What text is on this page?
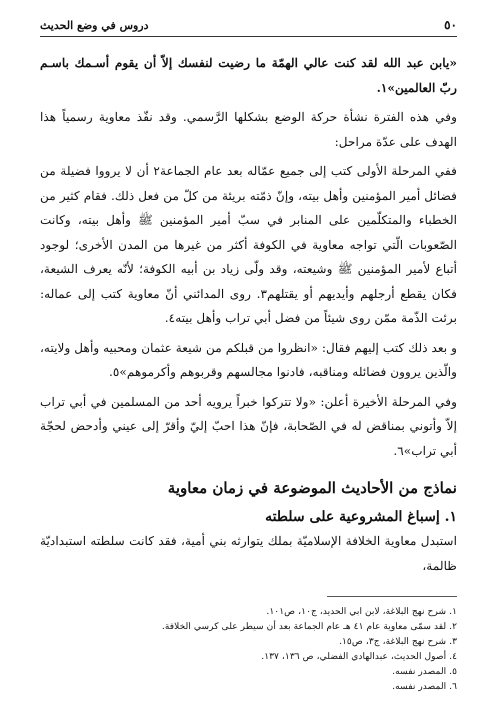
٥٠
دروس في وضع الحديث

«يابن عبد الله لقد كنت عالي الهمّة ما رضيت لنفسك إلاّ أن يقوم أسـمك باسـم ربّ العالمين»١.

وفي هذه الفترة نشأة حركة الوضع بشكلها الرَّسمي. وقد نفّذ معاوية رسمياً هذا الهدف على عدّة مراحل:

ففي المرحلة الأولى كتب إلى جميع عمّاله بعد عام الجماعة٢ أن لا يرووا فضيلة من فضائل أمير المؤمنين وأهل بيته، وإنّ ذمّته بريئة من كلّ من فعل ذلك. فقام كثير من الخطباء والمتكلّمين على المنابر في سبّ أمير المؤمنين ﷺ وأهل بيته، وكانت الصّعوبات الّتي تواجه معاوية في الكوفة أكثر من غيرها من المدن الأخرى؛ لوجود أتباع لأمير المؤمنين ﷺ وشيعته، وقد ولّى زياد بن أبيه الكوفة؛ لأنّه يعرف الشيعة، فكان يقطع أرجلهم وأيديهم أو يقتلهم٣. روى المدائني أنّ معاوية كتب إلى عماله: برئت الذّمة ممّن روى شيئاً من فضل أبي تراب وأهل بيته٤.

و بعد ذلك كتب إليهم فقال: «انظروا من قبلكم من شيعة عثمان ومحبيه وأهل ولايته، والّذين يروون فضائله ومناقبه، فادنوا مجالسهم وقربوهم وأكرموهم»٥.

وفي المرحلة الأخيرة أعلن: «ولا تتركوا خبراً يرويه أحد من المسلمين في أبي تراب إلاّ وأتوني بمناقض له في الصّحابة، فإنّ هذا احبّ إليّ وأقرّ إلى عيني وأدحض لحجّة أبي تراب»٦.

نماذج من الأحاديث الموضوعة في زمان معاوية
١. إسباغ المشروعية على سلطته

استبدل معاوية الخلافة الإسلاميّة بملك يتوارثه بني أمية، فقد كانت سلطته استبداديّة ظالمة،

١. شرح نهج البلاغة، لابن ابي الحديد، ج١٠، ص١٠١.
٢. لقد سمّى معاوية عام ٤١ هـ عام الجماعة بعد أن سيطر على كرسي الخلافة.
٣. شرح نهج البلاغة، ج٣، ص١٥.
٤. أصول الحديث، عبدالهادي الفضلي، ص ١٣٦، ١٣٧.
٥. المصدر نفسه.
٦. المصدر نفسه.
